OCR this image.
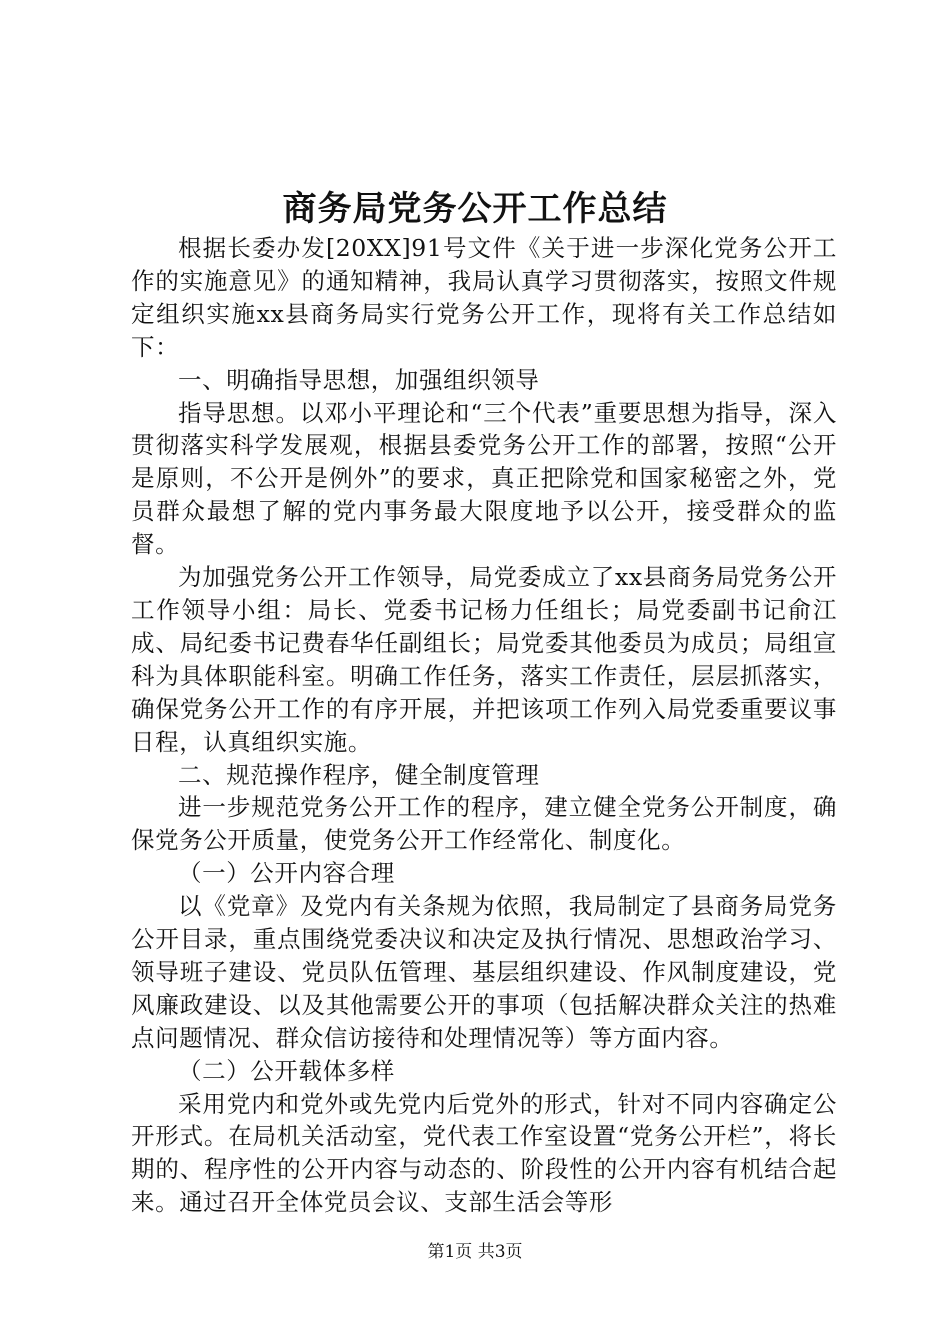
商务局党务公开工作总结

根据长委办发[20XX]91号文件《关于进一步深化党务公开工作的实施意见》的通知精神，我局认真学习贯彻落实，按照文件规定组织实施xx县商务局实行党务公开工作，现将有关工作总结如下：

一、明确指导思想，加强组织领导

指导思想。以邓小平理论和“三个代表”重要思想为指导，深入贯彻落实科学发展观，根据县委党务公开工作的部署，按照“公开是原则，不公开是例外”的要求，真正把除党和国家秘密之外，党员群众最想了解的党内事务最大限度地予以公开，接受群众的监督。

为加强党务公开工作领导，局党委成立了xx县商务局党务公开工作领导小组：局长、党委书记杨力任组长；局党委副书记俞江成、局纪委书记费春华任副组长；局党委其他委员为成员；局组宣科为具体职能科室。明确工作任务，落实工作责任，层层抓落实，确保党务公开工作的有序开展，并把该项工作列入局党委重要议事日程，认真组织实施。

二、规范操作程序，健全制度管理

进一步规范党务公开工作的程序，建立健全党务公开制度，确保党务公开质量，使党务公开工作经常化、制度化。

（一）公开内容合理

以《党章》及党内有关条规为依照，我局制定了县商务局党务公开目录，重点围绕党委决议和决定及执行情况、思想政治学习、领导班子建设、党员队伍管理、基层组织建设、作风制度建设，党风廉政建设、以及其他需要公开的事项（包括解决群众关注的热难点问题情况、群众信访接待和处理情况等）等方面内容。

（二）公开载体多样

采用党内和党外或先党内后党外的形式，针对不同内容确定公开形式。在局机关活动室，党代表工作室设置“党务公开栏”，将长期的、程序性的公开内容与动态的、阶段性的公开内容有机结合起来。通过召开全体党员会议、支部生活会等形

第1页 共3页
